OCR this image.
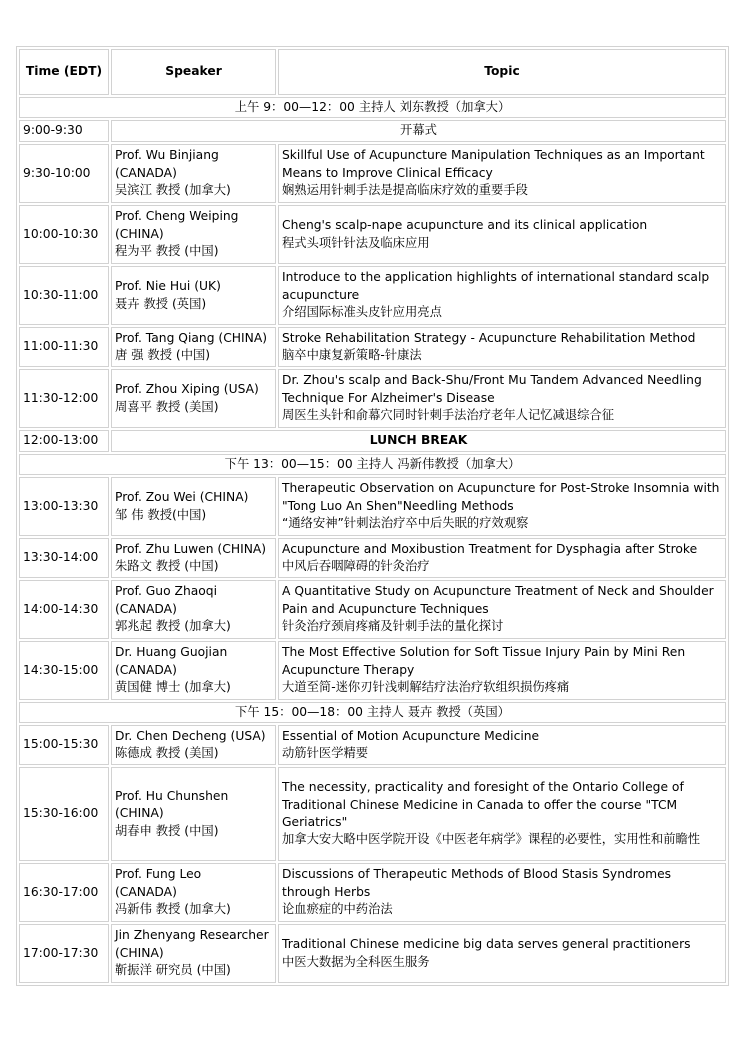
Time (EDT)	Speaker	Topic
上午 9：00—12：00 主持人 刘东教授（加拿大）		
9:00-9:30	开幕式	
9:30-10:00	Prof. Wu Binjiang
(CANADA)
吴滨江 教授 (加拿大)	Skillful Use of Acupuncture Manipulation Techniques as an Important Means to Improve Clinical Efficacy
娴熟运用针刺手法是提高临床疗效的重要手段

10:00-10:30	Prof. Cheng Weiping
(CHINA)
程为平 教授 (中国)	Cheng's scalp-nape acupuncture and its clinical application
程式头项针针法及临床应用

10:30-11:00	Prof. Nie Hui (UK)
聂卉 教授 (英国)	Introduce to the application highlights of international standard scalp acupuncture
介绍国际标准头皮针应用亮点

11:00-11:30	Prof. Tang Qiang (CHINA)
唐 强 教授 (中国)	Stroke Rehabilitation Strategy - Acupuncture Rehabilitation Method
脑卒中康复新策略-针康法

11:30-12:00	Prof. Zhou Xiping (USA)
周喜平 教授 (美国)	Dr. Zhou's scalp and Back-Shu/Front Mu Tandem Advanced Needling Technique For Alzheimer's Disease
周医生头针和俞幕穴同时针刺手法治疗老年人记忆减退综合征

12:00-13:00	LUNCH BREAK	
下午 13：00—15：00 主持人 冯新伟教授（加拿大）		
13:00-13:30	Prof. Zou Wei (CHINA)
邹 伟 教授(中国)	Therapeutic Observation on Acupuncture for Post-Stroke Insomnia with "Tong Luo An Shen"Needling Methods
“通络安神”针刺法治疗卒中后失眠的疗效观察

13:30-14:00	Prof. Zhu Luwen (CHINA)
朱路文 教授 (中国)	Acupuncture and Moxibustion Treatment for Dysphagia after Stroke
中风后吞咽障碍的针灸治疗

14:00-14:30	Prof. Guo Zhaoqi
(CANADA)
郭兆起 教授 (加拿大)	A Quantitative Study on Acupuncture Treatment of Neck and Shoulder Pain and Acupuncture Techniques
针灸治疗颈肩疼痛及针刺手法的量化探讨

14:30-15:00	Dr. Huang Guojian
(CANADA)
黄国健 博士 (加拿大)	The Most Effective Solution for Soft Tissue Injury Pain by Mini Ren Acupuncture Therapy
大道至简-迷你刃针浅刺解结疗法治疗软组织损伤疼痛

下午 15：00—18：00 主持人 聂卉 教授（英国）		
15:00-15:30	Dr. Chen Decheng (USA)
陈德成 教授 (美国)	Essential of Motion Acupuncture Medicine
动筋针医学精要

15:30-16:00	Prof. Hu Chunshen
(CHINA)
胡春申 教授 (中国)	The necessity, practicality and foresight of the Ontario College of Traditional Chinese Medicine in Canada to offer the course "TCM Geriatrics"
加拿大安大略中医学院开设《中医老年病学》课程的必要性，实用性和前瞻性

16:30-17:00	Prof. Fung Leo
(CANADA)
冯新伟 教授 (加拿大)	Discussions of Therapeutic Methods of Blood Stasis Syndromes through Herbs
论血瘀症的中药治法

17:00-17:30	Jin Zhenyang Researcher
(CHINA)
靳振洋 研究员 (中国)	Traditional Chinese medicine big data serves general practitioners
中医大数据为全科医生服务
